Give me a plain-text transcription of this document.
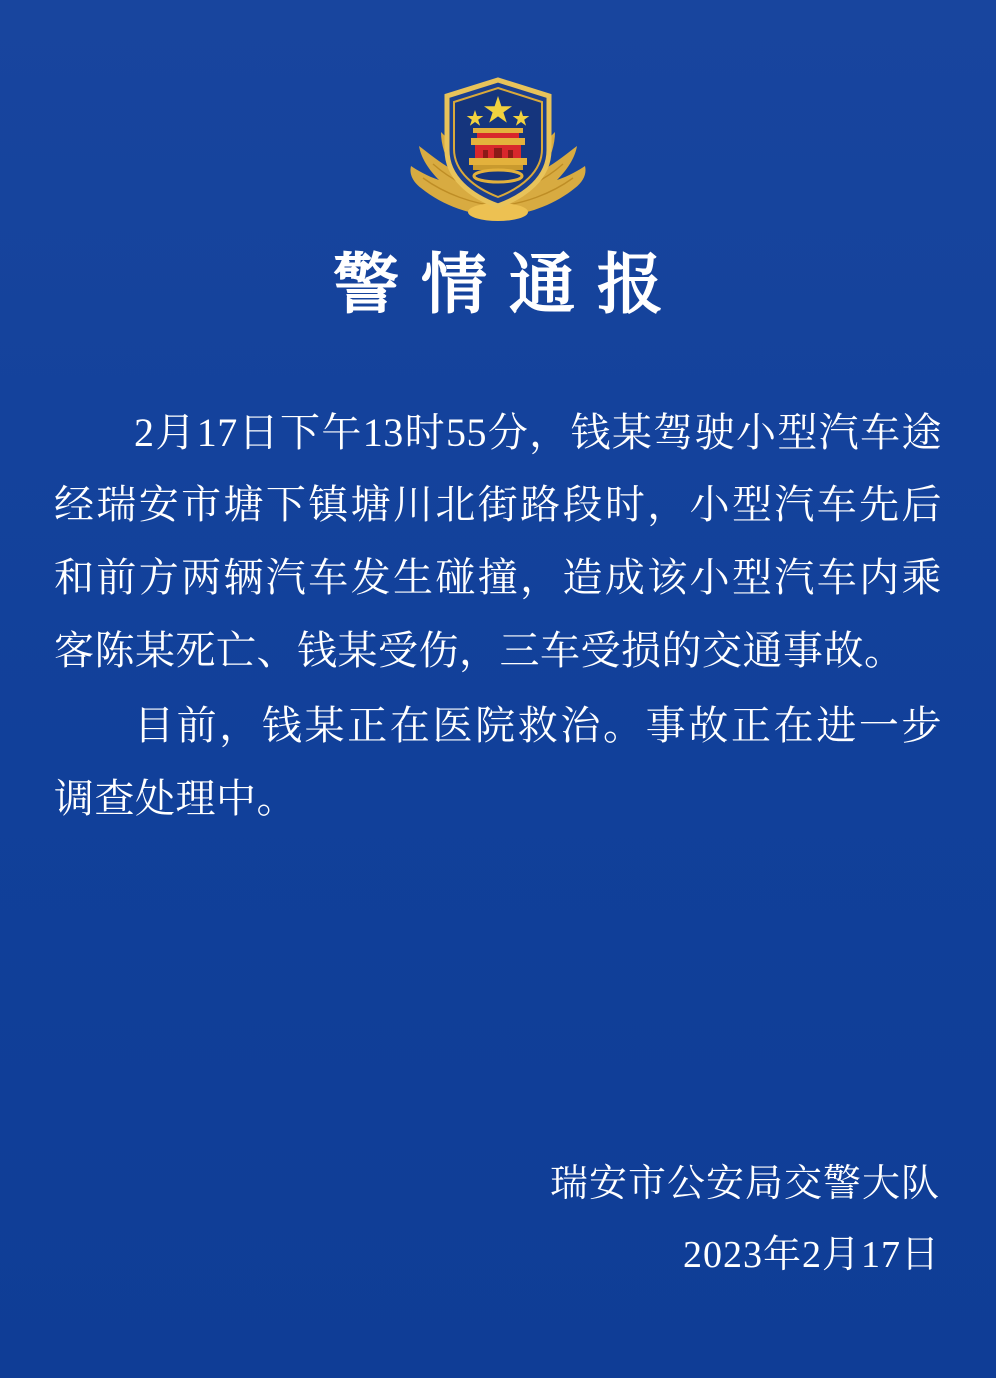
警情通报

2月17日下午13时55分，钱某驾驶小型汽车途经瑞安市塘下镇塘川北街路段时，小型汽车先后和前方两辆汽车发生碰撞，造成该小型汽车内乘客陈某死亡、钱某受伤，三车受损的交通事故。

目前，钱某正在医院救治。事故正在进一步调查处理中。

瑞安市公安局交警大队
2023年2月17日
